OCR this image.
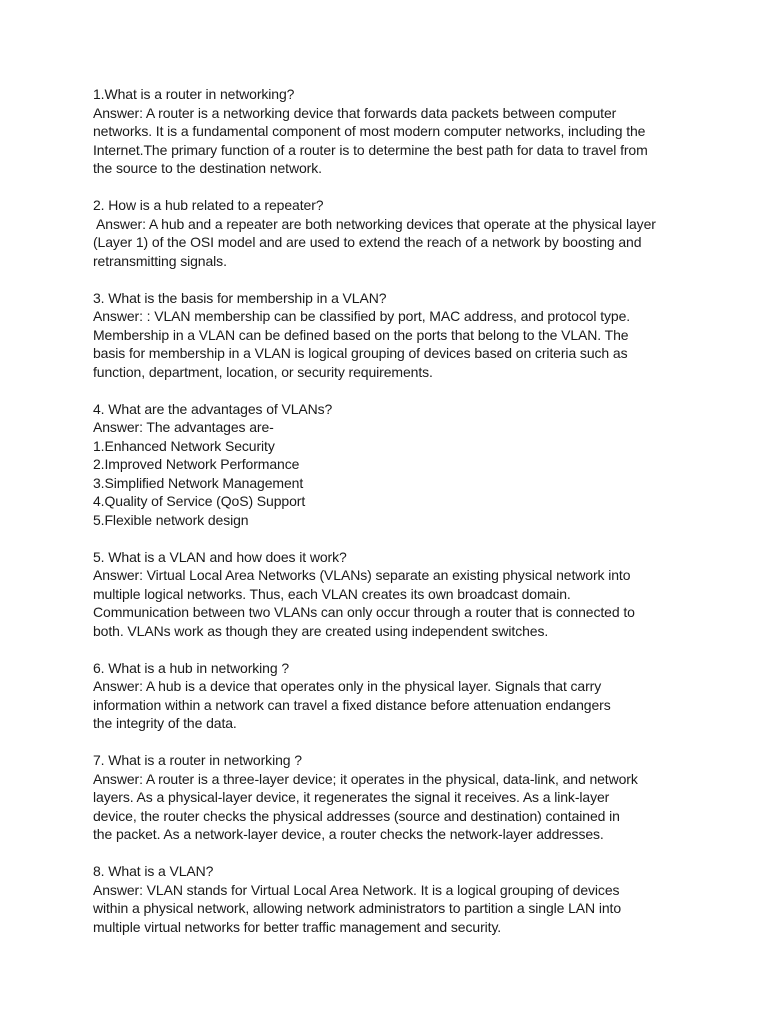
1.What is a router in networking?
Answer: A router is a networking device that forwards data packets between computer
networks. It is a fundamental component of most modern computer networks, including the
Internet.The primary function of a router is to determine the best path for data to travel from
the source to the destination network.
2. How is a hub related to a repeater?
Answer: A hub and a repeater are both networking devices that operate at the physical layer
(Layer 1) of the OSI model and are used to extend the reach of a network by boosting and
retransmitting signals.
3. What is the basis for membership in a VLAN?
Answer: : VLAN membership can be classified by port, MAC address, and protocol type.
Membership in a VLAN can be defined based on the ports that belong to the VLAN. The
basis for membership in a VLAN is logical grouping of devices based on criteria such as
function, department, location, or security requirements.
4. What are the advantages of VLANs?
Answer: The advantages are-
1.Enhanced Network Security
2.Improved Network Performance
3.Simplified Network Management
4.Quality of Service (QoS) Support
5.Flexible network design
5. What is a VLAN and how does it work?
Answer: Virtual Local Area Networks (VLANs) separate an existing physical network into
multiple logical networks. Thus, each VLAN creates its own broadcast domain.
Communication between two VLANs can only occur through a router that is connected to
both. VLANs work as though they are created using independent switches.
6. What is a hub in networking ?
Answer: A hub is a device that operates only in the physical layer. Signals that carry
information within a network can travel a fixed distance before attenuation endangers
the integrity of the data.
7. What is a router in networking ?
Answer: A router is a three-layer device; it operates in the physical, data-link, and network
layers. As a physical-layer device, it regenerates the signal it receives. As a link-layer
device, the router checks the physical addresses (source and destination) contained in
the packet. As a network-layer device, a router checks the network-layer addresses.
8. What is a VLAN?
Answer: VLAN stands for Virtual Local Area Network. It is a logical grouping of devices
within a physical network, allowing network administrators to partition a single LAN into
multiple virtual networks for better traffic management and security.
